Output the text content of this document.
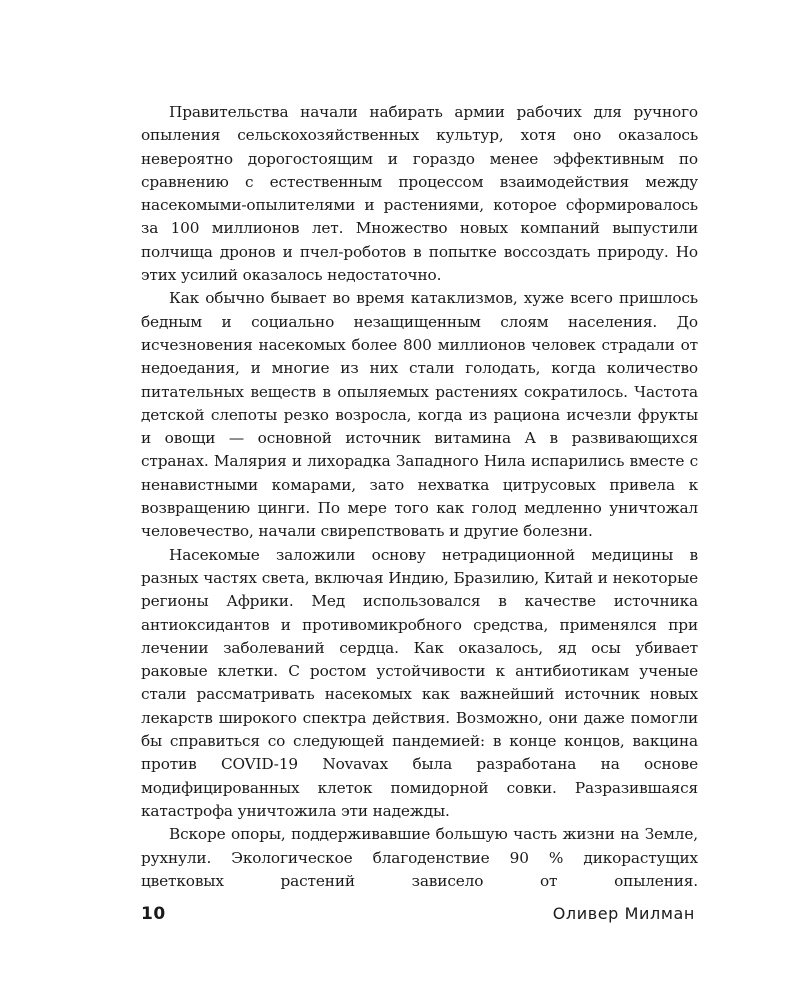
Правительства начали набирать армии рабочих для ручного опыления сельскохозяйственных культур, хотя оно оказалось невероятно дорогостоящим и гораздо менее эффективным по сравнению с естественным процессом взаимодействия между насекомыми-опылителями и растениями, которое сформировалось за 100 миллионов лет. Множество новых компаний выпустили полчища дронов и пчел-роботов в попытке воссоздать природу. Но этих усилий оказалось недостаточно.

Как обычно бывает во время катаклизмов, хуже всего пришлось бедным и социально незащищенным слоям населения. До исчезновения насекомых более 800 миллионов человек страдали от недоедания, и многие из них стали голодать, когда количество питательных веществ в опыляемых растениях сократилось. Частота детской слепоты резко возросла, когда из рациона исчезли фрукты и овощи — основной источник витамина А в развивающихся странах. Малярия и лихорадка Западного Нила испарились вместе с ненавистными комарами, зато нехватка цитрусовых привела к возвращению цинги. По мере того как голод медленно уничтожал человечество, начали свирепствовать и другие болезни.

Насекомые заложили основу нетрадиционной медицины в разных частях света, включая Индию, Бразилию, Китай и некоторые регионы Африки. Мед использовался в качестве источника антиоксидантов и противомикробного средства, применялся при лечении заболеваний сердца. Как оказалось, яд осы убивает раковые клетки. С ростом устойчивости к антибиотикам ученые стали рассматривать насекомых как важнейший источник новых лекарств широкого спектра действия. Возможно, они даже помогли бы справиться со следующей пандемией: в конце концов, вакцина против COVID-19 Novavax была разработана на основе модифицированных клеток помидорной совки. Разразившаяся катастрофа уничтожила эти надежды.

Вскоре опоры, поддерживавшие большую часть жизни на Земле, рухнули. Экологическое благоденствие 90 % дикорастущих цветковых растений зависело от опыления.

10	Оливер Милман
